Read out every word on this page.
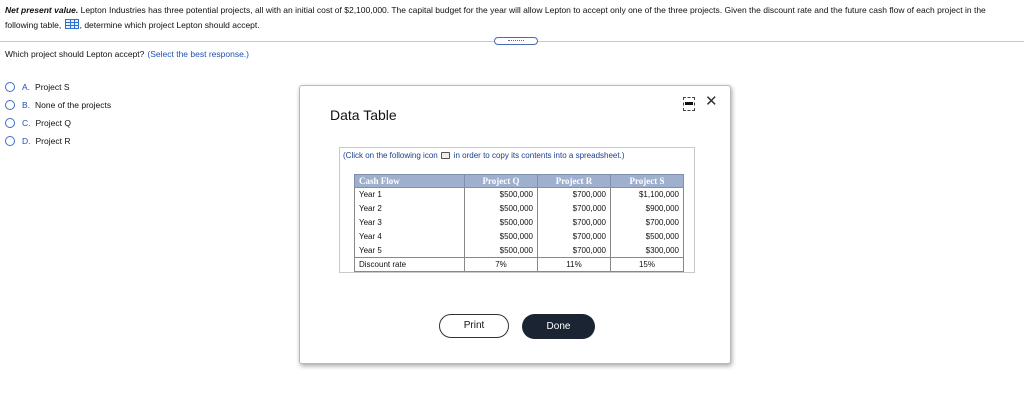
Net present value. Lepton Industries has three potential projects, all with an initial cost of $2,100,000. The capital budget for the year will allow Lepton to accept only one of the three projects. Given the discount rate and the future cash flow of each project in the following table, , determine which project Lepton should accept.
Which project should Lepton accept? (Select the best response.)
A. Project S
B. None of the projects
C. Project Q
D. Project R
Data Table
✕
(Click on the following icon in order to copy its contents into a spreadsheet.)
Cash Flow	Project Q	Project R	Project S
Year 1	$500,000	$700,000	$1,100,000
Year 2	$500,000	$700,000	$900,000
Year 3	$500,000	$700,000	$700,000
Year 4	$500,000	$700,000	$500,000
Year 5	$500,000	$700,000	$300,000
Discount rate	7%	11%	15%
Print	Done
